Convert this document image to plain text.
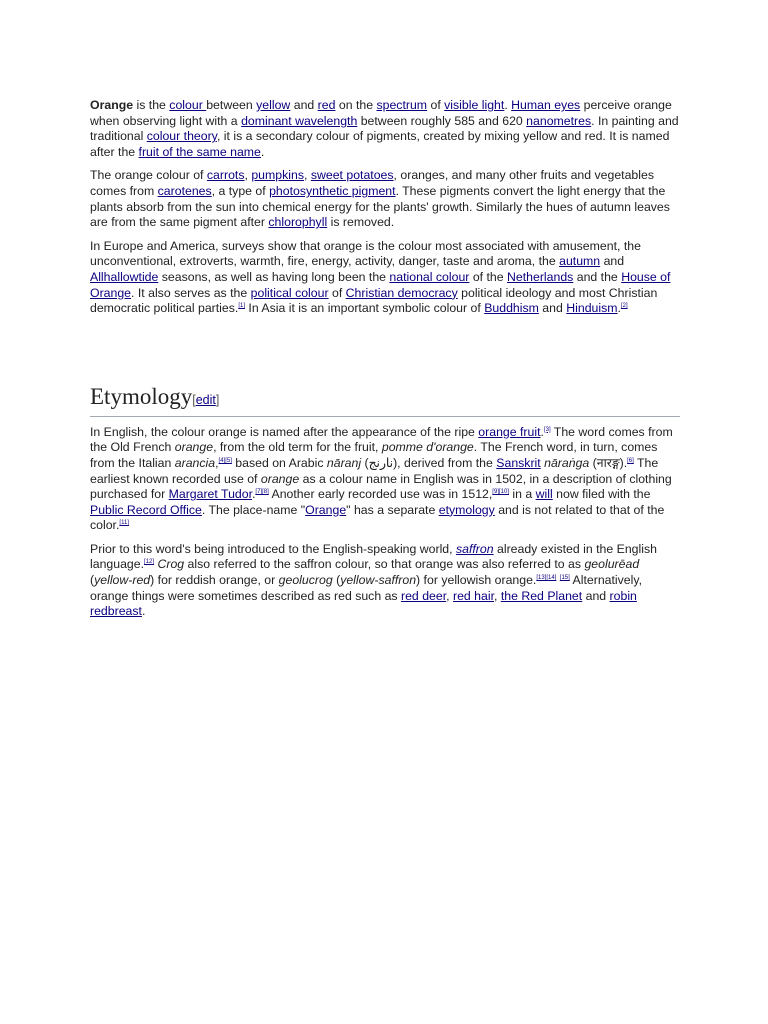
Orange is the colour between yellow and red on the spectrum of visible light. Human eyes perceive orange when observing light with a dominant wavelength between roughly 585 and 620 nanometres. In painting and traditional colour theory, it is a secondary colour of pigments, created by mixing yellow and red. It is named after the fruit of the same name.

The orange colour of carrots, pumpkins, sweet potatoes, oranges, and many other fruits and vegetables comes from carotenes, a type of photosynthetic pigment. These pigments convert the light energy that the plants absorb from the sun into chemical energy for the plants' growth. Similarly the hues of autumn leaves are from the same pigment after chlorophyll is removed.

In Europe and America, surveys show that orange is the colour most associated with amusement, the unconventional, extroverts, warmth, fire, energy, activity, danger, taste and aroma, the autumn and Allhallowtide seasons, as well as having long been the national colour of the Netherlands and the House of Orange. It also serves as the political colour of Christian democracy political ideology and most Christian democratic political parties.[1] In Asia it is an important symbolic colour of Buddhism and Hinduism.[2]

Etymology[edit]

In English, the colour orange is named after the appearance of the ripe orange fruit.[3] The word comes from the Old French orange, from the old term for the fruit, pomme d'orange. The French word, in turn, comes from the Italian arancia,[4][5] based on Arabic nāranj (نارنج), derived from the Sanskrit nāraṅga (नारङ्ग).[6] The earliest known recorded use of orange as a colour name in English was in 1502, in a description of clothing purchased for Margaret Tudor.[7][8] Another early recorded use was in 1512,[9][10] in a will now filed with the Public Record Office. The place-name "Orange" has a separate etymology and is not related to that of the color.[11]

Prior to this word's being introduced to the English-speaking world, saffron already existed in the English language.[12] Crog also referred to the saffron colour, so that orange was also referred to as geolurēad (yellow-red) for reddish orange, or geolucrog (yellow-saffron) for yellowish orange.[13][14] [15] Alternatively, orange things were sometimes described as red such as red deer, red hair, the Red Planet and robin redbreast.
